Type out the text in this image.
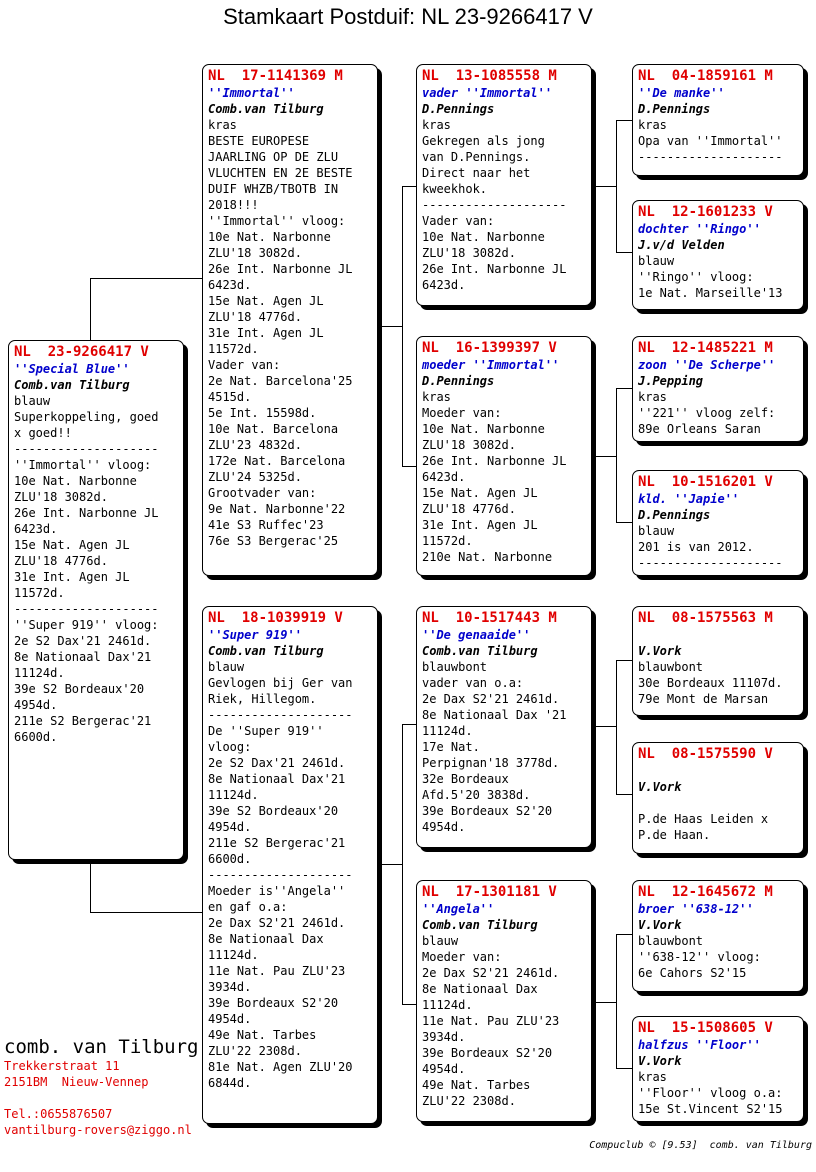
Stamkaart Postduif: NL 23-9266417 V
NL  23-9266417 V
''Special Blue''
Comb.van Tilburg
blauw
Superkoppeling, goed
x goed!!
--------------------
''Immortal'' vloog:
10e Nat. Narbonne
ZLU'18 3082d.
26e Int. Narbonne JL
6423d.
15e Nat. Agen JL
ZLU'18 4776d.
31e Int. Agen JL
11572d.
--------------------
''Super 919'' vloog:
2e S2 Dax'21 2461d.
8e Nationaal Dax'21
11124d.
39e S2 Bordeaux'20
4954d.
211e S2 Bergerac'21
6600d.
NL  17-1141369 M
''Immortal''
Comb.van Tilburg
kras
BESTE EUROPESE
JAARLING OP DE ZLU
VLUCHTEN EN 2E BESTE
DUIF WHZB/TBOTB IN
2018!!!
''Immortal'' vloog:
10e Nat. Narbonne
ZLU'18 3082d.
26e Int. Narbonne JL
6423d.
15e Nat. Agen JL
ZLU'18 4776d.
31e Int. Agen JL
11572d.
Vader van:
2e Nat. Barcelona'25
4515d.
5e Int. 15598d.
10e Nat. Barcelona
ZLU'23 4832d.
172e Nat. Barcelona
ZLU'24 5325d.
Grootvader van:
9e Nat. Narbonne'22
41e S3 Ruffec'23
76e S3 Bergerac'25
NL  18-1039919 V
''Super 919''
Comb.van Tilburg
blauw
Gevlogen bij Ger van
Riek, Hillegom.
--------------------
De ''Super 919''
vloog:
2e S2 Dax'21 2461d.
8e Nationaal Dax'21
11124d.
39e S2 Bordeaux'20
4954d.
211e S2 Bergerac'21
6600d.
--------------------
Moeder is''Angela''
en gaf o.a:
2e Dax S2'21 2461d.
8e Nationaal Dax
11124d.
11e Nat. Pau ZLU'23
3934d.
39e Bordeaux S2'20
4954d.
49e Nat. Tarbes
ZLU'22 2308d.
81e Nat. Agen ZLU'20
6844d.
NL  13-1085558 M
vader ''Immortal''
D.Pennings
kras
Gekregen als jong
van D.Pennings.
Direct naar het
kweekhok.
--------------------
Vader van:
10e Nat. Narbonne
ZLU'18 3082d.
26e Int. Narbonne JL
6423d.
NL  16-1399397 V
moeder ''Immortal''
D.Pennings
kras
Moeder van:
10e Nat. Narbonne
ZLU'18 3082d.
26e Int. Narbonne JL
6423d.
15e Nat. Agen JL
ZLU'18 4776d.
31e Int. Agen JL
11572d.
210e Nat. Narbonne
NL  10-1517443 M
''De genaaide''
Comb.van Tilburg
blauwbont
vader van o.a:
2e Dax S2'21 2461d.
8e Nationaal Dax '21
11124d.
17e Nat.
Perpignan'18 3778d.
32e Bordeaux
Afd.5'20 3838d.
39e Bordeaux S2'20
4954d.
NL  17-1301181 V
''Angela''
Comb.van Tilburg
blauw
Moeder van:
2e Dax S2'21 2461d.
8e Nationaal Dax
11124d.
11e Nat. Pau ZLU'23
3934d.
39e Bordeaux S2'20
4954d.
49e Nat. Tarbes
ZLU'22 2308d.
NL  04-1859161 M
''De manke''
D.Pennings
kras
Opa van ''Immortal''
--------------------
NL  12-1601233 V
dochter ''Ringo''
J.v/d Velden
blauw
''Ringo'' vloog:
1e Nat. Marseille'13
NL  12-1485221 M
zoon ''De Scherpe''
J.Pepping
kras
''221'' vloog zelf:
89e Orleans Saran
NL  10-1516201 V
kld. ''Japie''
D.Pennings
blauw
201 is van 2012.
--------------------
NL  08-1575563 M

V.Vork
blauwbont
30e Bordeaux 11107d.
79e Mont de Marsan
NL  08-1575590 V

V.Vork

P.de Haas Leiden x
P.de Haan.
NL  12-1645672 M
broer ''638-12''
V.Vork
blauwbont
''638-12'' vloog:
6e Cahors S2'15
NL  15-1508605 V
halfzus ''Floor''
V.Vork
kras
''Floor'' vloog o.a:
15e St.Vincent S2'15
comb. van Tilburg
Trekkerstraat 11
2151BM  Nieuw-Vennep

Tel.:0655876507
vantilburg-rovers@ziggo.nl
Compuclub © [9.53]  comb. van Tilburg
